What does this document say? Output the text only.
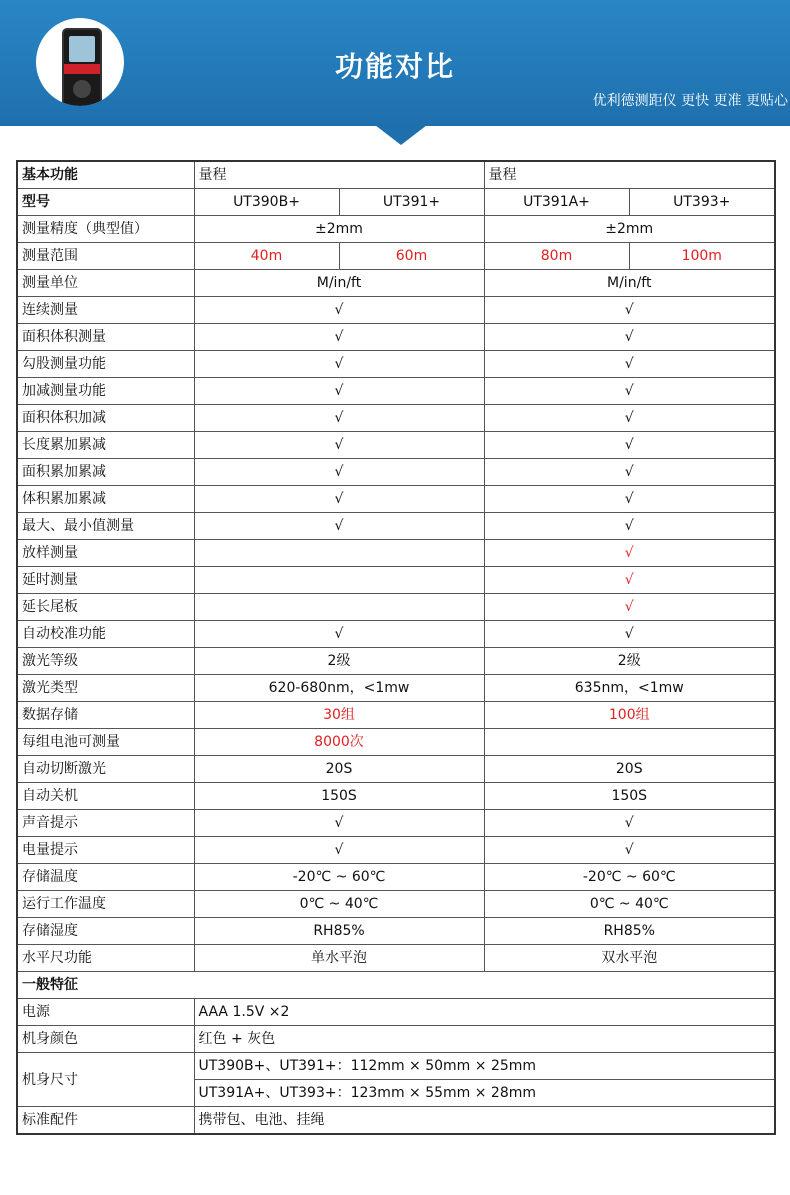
功能对比
优利德测距仪 更快 更准 更贴心
基本功能	量程		量程	
型号	UT390B+	UT391+	UT391A+	UT393+
测量精度（典型值）	±2mm		±2mm	
测量范围	40m	60m	80m	100m
测量单位	M/in/ft		M/in/ft	
连续测量	√		√	
面积体积测量	√		√	
勾股测量功能	√		√	
加减测量功能	√		√	
面积体积加减	√		√	
长度累加累减	√		√	
面积累加累减	√		√	
体积累加累减	√		√	
最大、最小值测量	√		√	
放样测量			√	
延时测量			√	
延长尾板			√	
自动校准功能	√		√	
激光等级	2级		2级	
激光类型	620-680nm，<1mw		635nm，<1mw	
数据存储	30组		100组	
每组电池可测量	8000次			
自动切断激光	20S		20S	
自动关机	150S		150S	
声音提示	√		√	
电量提示	√		√	
存储温度	-20℃ ~ 60℃		-20℃ ~ 60℃	
运行工作温度	0℃ ~ 40℃		0℃ ~ 40℃	
存储湿度	RH85%		RH85%	
水平尺功能	单水平泡		双水平泡	
一般特征				
电源	AAA 1.5V ×2			
机身颜色	红色 + 灰色			
机身尺寸	UT390B+、UT391+：112mm × 50mm × 25mm			
	UT391A+、UT393+：123mm × 55mm × 28mm			
标准配件	携带包、电池、挂绳			
